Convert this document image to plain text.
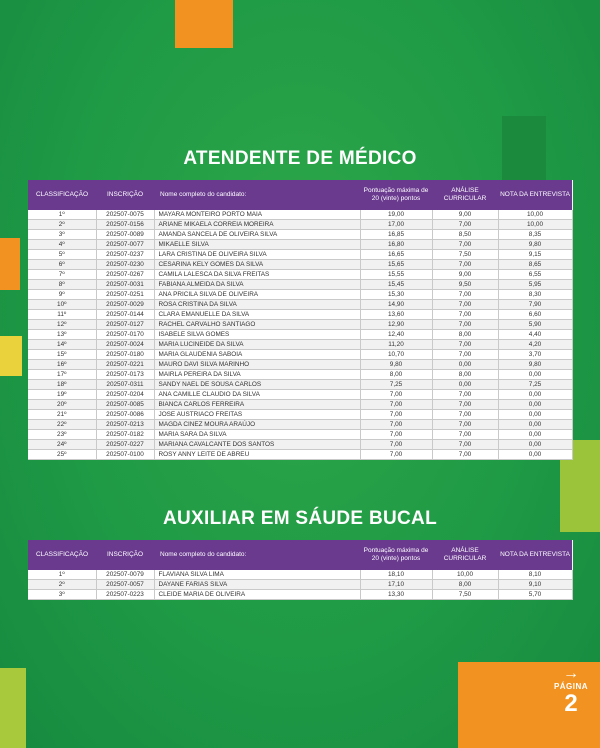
ATENDENTE DE MÉDICO
CLASSIFICAÇÃO	INSCRIÇÃO	Nome completo do candidato:	Pontuação máxima de 20 (vinte) pontos	ANÁLISE CURRICULAR	NOTA DA ENTREVISTA
1º	202507-0075	MAYARA MONTEIRO PORTO MAIA	19,00	9,00	10,00
2º	202507-0156	ARIANE MIKAELA CORREIA MOREIRA	17,00	7,00	10,00
3º	202507-0089	AMANDA SANCELA DE OLIVEIRA SILVA	16,85	8,50	8,35
4º	202507-0077	MIKAELLE SILVA	16,80	7,00	9,80
5º	202507-0237	LARA CRISTINA DE OLIVEIRA SILVA	16,65	7,50	9,15
6º	202507-0230	CESARINA KELY GOMES DA SILVA	15,65	7,00	8,65
7º	202507-0267	CAMILA LALESCA DA SILVA FREITAS	15,55	9,00	6,55
8º	202507-0031	FABIANA ALMEIDA DA SILVA	15,45	9,50	5,95
9º	202507-0251	ANA PRICILA SILVA DE OLIVEIRA	15,30	7,00	8,30
10º	202507-0029	ROSA CRISTINA DA SILVA	14,90	7,00	7,90
11º	202507-0144	CLARA EMANUELLE DA SILVA	13,60	7,00	6,60
12º	202507-0127	RACHEL CARVALHO SANTIAGO	12,90	7,00	5,90
13º	202507-0170	ISABELE SILVA GOMES	12,40	8,00	4,40
14º	202507-0024	MARIA LUCINEIDE DA SILVA	11,20	7,00	4,20
15º	202507-0180	MARIA GLAUDENIA SABOIA	10,70	7,00	3,70
16º	202507-0221	MAURO DAVI SILVA MARINHO	9,80	0,00	9,80
17º	202507-0173	MAIRLA PEREIRA DA SILVA	8,00	8,00	0,00
18º	202507-0311	SANDY NAEL DE SOUSA CARLOS	7,25	0,00	7,25
19º	202507-0204	ANA CAMILLE CLAUDIO DA SILVA	7,00	7,00	0,00
20º	202507-0085	BIANCA CARLOS FERREIRA	7,00	7,00	0,00
21º	202507-0086	JOSE AUSTRIACO FREITAS	7,00	7,00	0,00
22º	202507-0213	MAGDA CINEZ MOURA ARAÚJO	7,00	7,00	0,00
23º	202507-0182	MARIA SARA DA SILVA	7,00	7,00	0,00
24º	202507-0227	MARIANA CAVALCANTE DOS SANTOS	7,00	7,00	0,00
25º	202507-0100	ROSY ANNY LEITE DE ABREU	7,00	7,00	0,00
AUXILIAR EM SÁUDE BUCAL
CLASSIFICAÇÃO	INSCRIÇÃO	Nome completo do candidato:	Pontuação máxima de 20 (vinte) pontos	ANÁLISE CURRICULAR	NOTA DA ENTREVISTA
1º	202507-0079	FLAVIANA SILVA LIMA	18,10	10,00	8,10
2º	202507-0057	DAYANE FARIAS SILVA	17,10	8,00	9,10
3º	202507-0223	CLEIDE MARIA DE OLIVEIRA	13,30	7,50	5,70
→
PÁGINA
2
